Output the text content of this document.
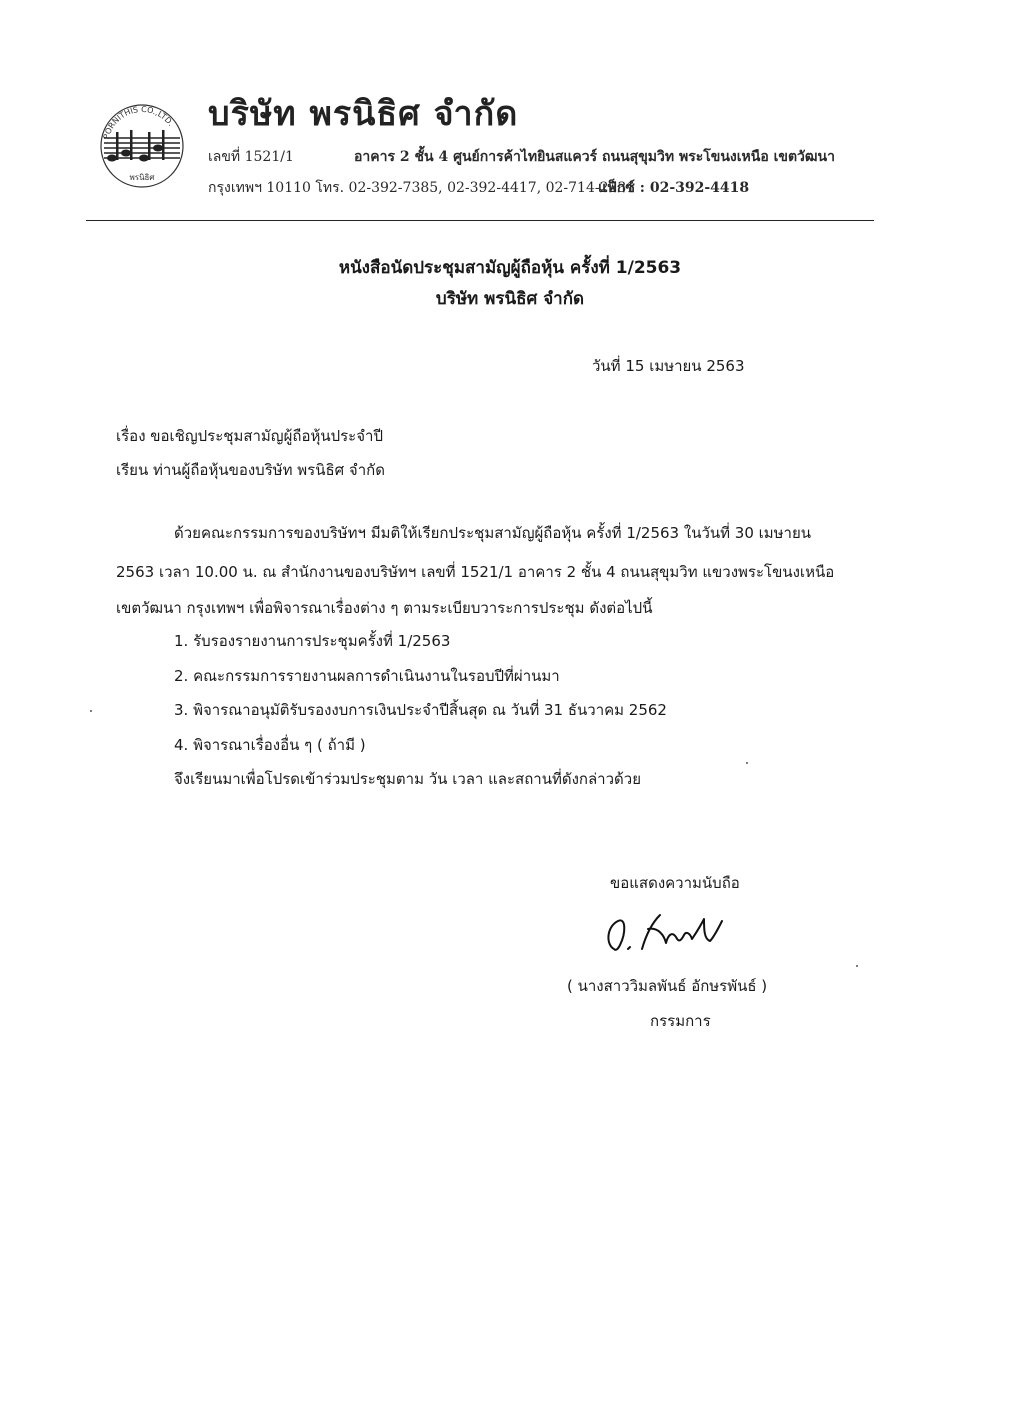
PORNITHIS CO.,LTD.
พรนิธิศ
บริษัท พรนิธิศ จำกัด
เลขที่ 1521/1	อาคาร 2 ชั้น 4 ศูนย์การค้าไทยินสแควร์ ถนนสุขุมวิท พระโขนงเหนือ เขตวัฒนา
กรุงเทพฯ 10110 โทร. 02-392-7385, 02-392-4417, 02-714-2231
แฟ็กซ์ : 02-392-4418
หนังสือนัดประชุมสามัญผู้ถือหุ้น ครั้งที่ 1/2563
บริษัท พรนิธิศ จำกัด
วันที่ 15 เมษายน 2563
เรื่อง ขอเชิญประชุมสามัญผู้ถือหุ้นประจำปี
เรียน ท่านผู้ถือหุ้นของบริษัท พรนิธิศ จำกัด
ด้วยคณะกรรมการของบริษัทฯ มีมติให้เรียกประชุมสามัญผู้ถือหุ้น ครั้งที่ 1/2563 ในวันที่ 30 เมษายน
2563 เวลา 10.00 น. ณ สำนักงานของบริษัทฯ เลขที่ 1521/1 อาคาร 2 ชั้น 4 ถนนสุขุมวิท แขวงพระโขนงเหนือ
เขตวัฒนา กรุงเทพฯ เพื่อพิจารณาเรื่องต่าง ๆ ตามระเบียบวาระการประชุม ดังต่อไปนี้
1. รับรองรายงานการประชุมครั้งที่ 1/2563
2. คณะกรรมการรายงานผลการดำเนินงานในรอบปีที่ผ่านมา
3. พิจารณาอนุมัติรับรองงบการเงินประจำปีสิ้นสุด ณ วันที่ 31 ธันวาคม 2562
4. พิจารณาเรื่องอื่น ๆ ( ถ้ามี )
จึงเรียนมาเพื่อโปรดเข้าร่วมประชุมตาม วัน เวลา และสถานที่ดังกล่าวด้วย
ขอแสดงความนับถือ
( นางสาววิมลพันธ์ อักษรพันธ์ )
กรรมการ
